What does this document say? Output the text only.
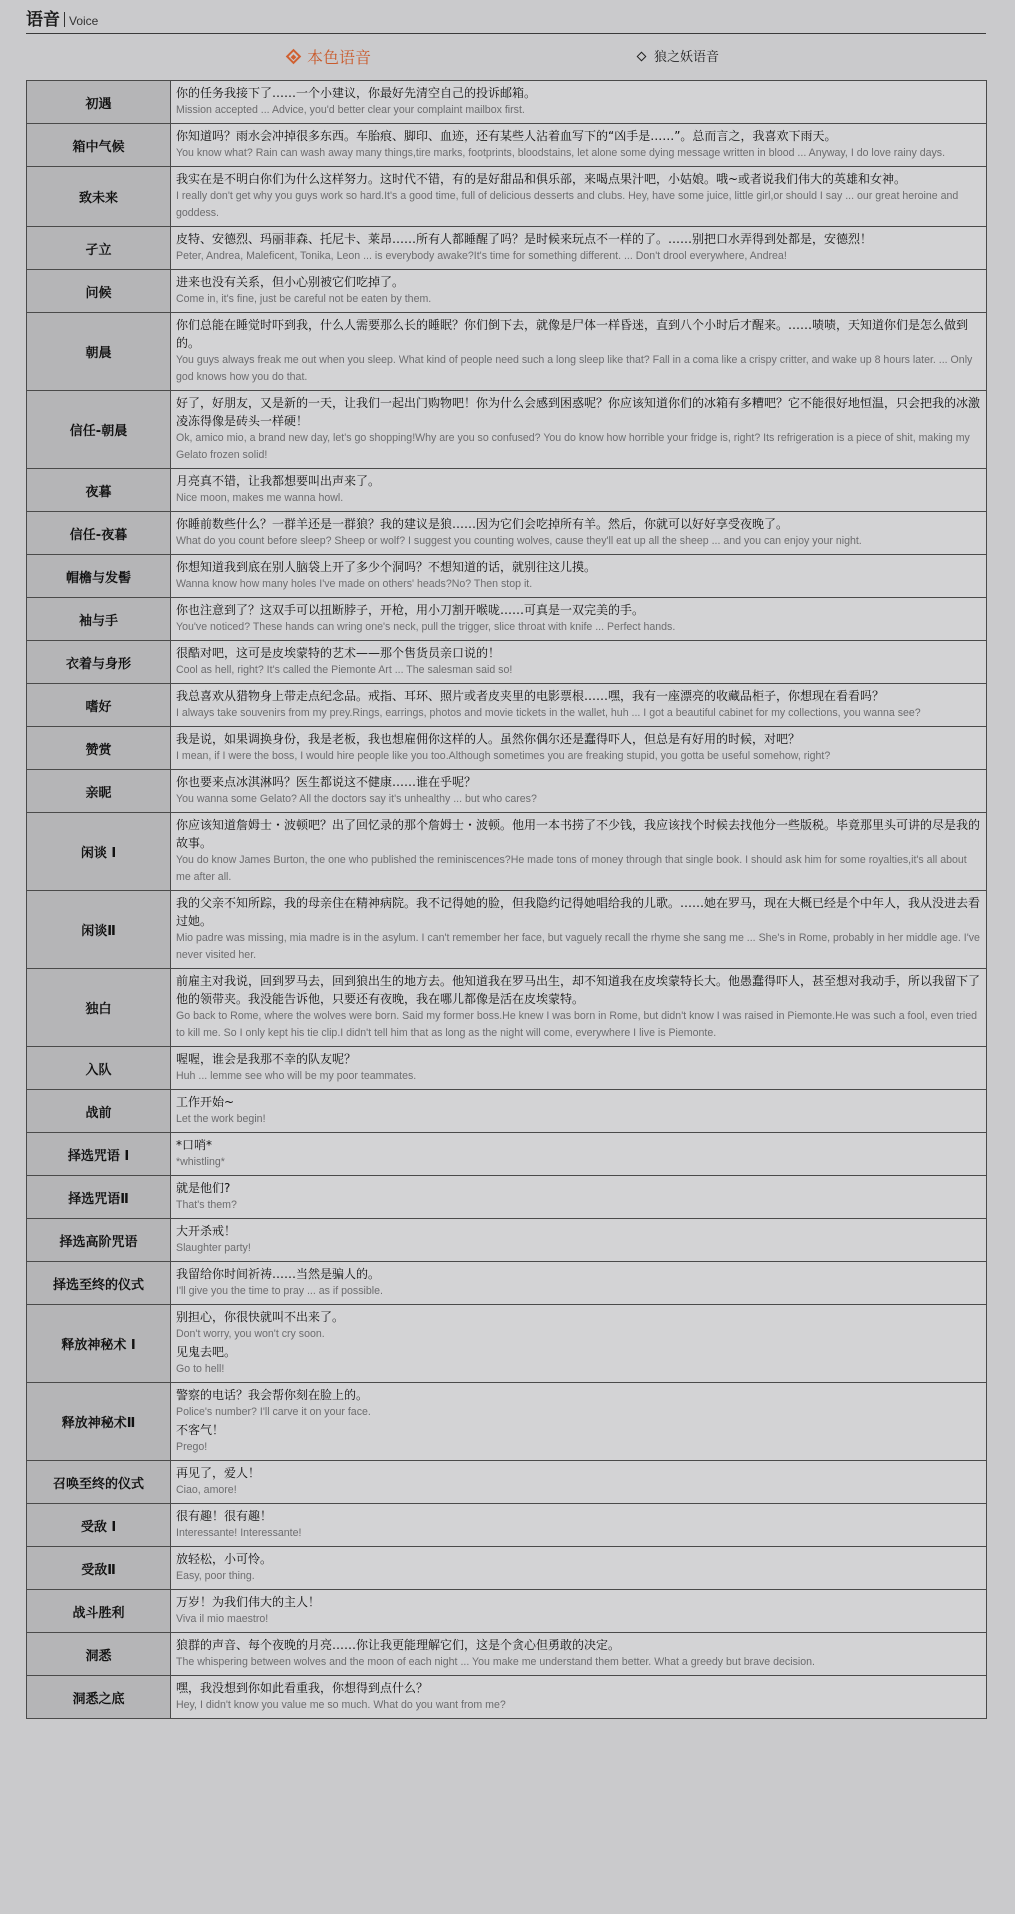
语音 Voice
本色语音	狼之妖语音
初遇	你的任务我接下了……一个小建议，你最好先清空自己的投诉邮箱。
Mission accepted ... Advice, you'd better clear your complaint mailbox first.

箱中气候	你知道吗？雨水会冲掉很多东西。车胎痕、脚印、血迹，还有某些人沾着血写下的“凶手是……”。总而言之，我喜欢下雨天。
You know what? Rain can wash away many things,tire marks, footprints, bloodstains, let alone some dying message written in blood ... Anyway, I do love rainy days.

致未来	我实在是不明白你们为什么这样努力。这时代不错，有的是好甜品和俱乐部，来喝点果汁吧，小姑娘。哦~或者说我们伟大的英雄和女神。
I really don't get why you guys work so hard.It's a good time, full of delicious desserts and clubs. Hey, have some juice, little girl,or should I say ... our great heroine and goddess.

孑立	皮特、安德烈、玛丽菲森、托尼卡、莱昂……所有人都睡醒了吗？是时候来玩点不一样的了。……别把口水弄得到处都是，安德烈！
Peter, Andrea, Maleficent, Tonika, Leon ... is everybody awake?It's time for something different. ... Don't drool everywhere, Andrea!

问候	进来也没有关系，但小心别被它们吃掉了。
Come in, it's fine, just be careful not be eaten by them.

朝晨	你们总能在睡觉时吓到我，什么人需要那么长的睡眠？你们倒下去，就像是尸体一样昏迷，直到八个小时后才醒来。……啧啧，天知道你们是怎么做到的。
You guys always freak me out when you sleep. What kind of people need such a long sleep like that? Fall in a coma like a crispy critter, and wake up 8 hours later. ... Only god knows how you do that.

信任-朝晨	好了，好朋友，又是新的一天，让我们一起出门购物吧！你为什么会感到困惑呢？你应该知道你们的冰箱有多糟吧？它不能很好地恒温，只会把我的冰激凌冻得像是砖头一样硬！
Ok, amico mio, a brand new day, let's go shopping!Why are you so confused? You do know how horrible your fridge is, right? Its refrigeration is a piece of shit, making my Gelato frozen solid!

夜暮	月亮真不错，让我都想要叫出声来了。
Nice moon, makes me wanna howl.

信任-夜暮	你睡前数些什么？一群羊还是一群狼？我的建议是狼……因为它们会吃掉所有羊。然后，你就可以好好享受夜晚了。
What do you count before sleep? Sheep or wolf? I suggest you counting wolves, cause they'll eat up all the sheep ... and you can enjoy your night.

帽檐与发髻	你想知道我到底在别人脑袋上开了多少个洞吗？不想知道的话，就别往这儿摸。
Wanna know how many holes I've made on others' heads?No? Then stop it.

袖与手	你也注意到了？这双手可以扭断脖子，开枪，用小刀割开喉咙……可真是一双完美的手。
You've noticed? These hands can wring one's neck, pull the trigger, slice throat with knife ... Perfect hands.

衣着与身形	很酷对吧，这可是皮埃蒙特的艺术——那个售货员亲口说的！
Cool as hell, right? It's called the Piemonte Art ... The salesman said so!

嗜好	我总喜欢从猎物身上带走点纪念品。戒指、耳环、照片或者皮夹里的电影票根……嘿，我有一座漂亮的收藏品柜子，你想现在看看吗？
I always take souvenirs from my prey.Rings, earrings, photos and movie tickets in the wallet, huh ... I got a beautiful cabinet for my collections, you wanna see?

赞赏	我是说，如果调换身份，我是老板，我也想雇佣你这样的人。虽然你偶尔还是蠢得吓人，但总是有好用的时候，对吧？
I mean, if I were the boss, I would hire people like you too.Although sometimes you are freaking stupid, you gotta be useful somehow, right?

亲昵	你也要来点冰淇淋吗？医生都说这不健康……谁在乎呢？
You wanna some Gelato? All the doctors say it's unhealthy ... but who cares?

闲谈 I	你应该知道詹姆士・波顿吧？出了回忆录的那个詹姆士・波顿。他用一本书捞了不少钱，我应该找个时候去找他分一些版税。毕竟那里头可讲的尽是我的故事。
You do know James Burton, the one who published the reminiscences?He made tons of money through that single book. I should ask him for some royalties,it's all about me after all.

闲谈Ⅱ	我的父亲不知所踪，我的母亲住在精神病院。我不记得她的脸，但我隐约记得她唱给我的儿歌。……她在罗马，现在大概已经是个中年人，我从没进去看过她。
Mio padre was missing, mia madre is in the asylum. I can't remember her face, but vaguely recall the rhyme she sang me ... She's in Rome, probably in her middle age. I've never visited her.

独白	前雇主对我说，回到罗马去，回到狼出生的地方去。他知道我在罗马出生，却不知道我在皮埃蒙特长大。他愚蠢得吓人，甚至想对我动手，所以我留下了他的领带夹。我没能告诉他，只要还有夜晚，我在哪儿都像是活在皮埃蒙特。
Go back to Rome, where the wolves were born. Said my former boss.He knew I was born in Rome, but didn't know I was raised in Piemonte.He was such a fool, even tried to kill me. So I only kept his tie clip.I didn't tell him that as long as the night will come, everywhere I live is Piemonte.

入队	喔喔，谁会是我那不幸的队友呢？
Huh ... lemme see who will be my poor teammates.

战前	工作开始~
Let the work begin!

择选咒语 I	*口哨*
*whistling*

择选咒语Ⅱ	就是他们?
That's them?

择选高阶咒语	大开杀戒！
Slaughter party!

择选至终的仪式	我留给你时间祈祷……当然是骗人的。
I'll give you the time to pray ... as if possible.

释放神秘术 I	别担心，你很快就叫不出来了。
Don't worry, you won't cry soon.
见鬼去吧。
Go to hell!

释放神秘术Ⅱ	警察的电话？我会帮你刻在脸上的。
Police's number? I'll carve it on your face.
不客气！
Prego!

召唤至终的仪式	再见了，爱人！
Ciao, amore!

受敌 I	很有趣！很有趣！
Interessante! Interessante!

受敌Ⅱ	放轻松，小可怜。
Easy, poor thing.

战斗胜利	万岁！为我们伟大的主人！
Viva il mio maestro!

洞悉	狼群的声音、每个夜晚的月亮……你让我更能理解它们，这是个贪心但勇敢的决定。
The whispering between wolves and the moon of each night ... You make me understand them better. What a greedy but brave decision.

洞悉之底	嘿，我没想到你如此看重我，你想得到点什么？
Hey, I didn't know you value me so much. What do you want from me?
